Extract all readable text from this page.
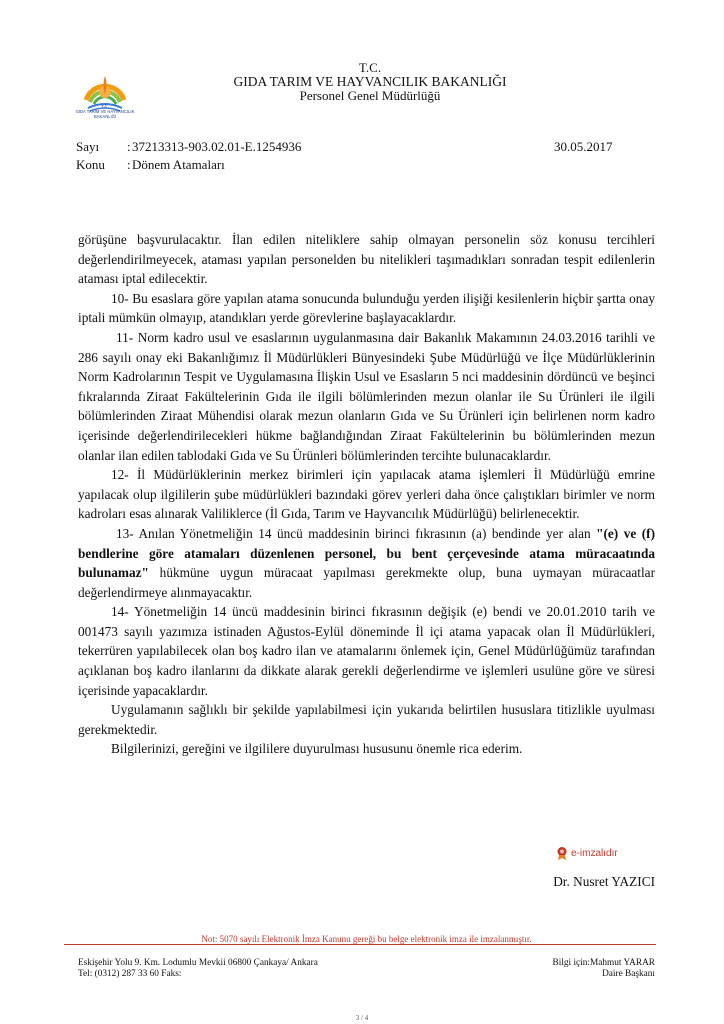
T.C.
GIDA TARIM VE HAYVANCILIK
BAKANLIĞI
T.C.
GIDA TARIM VE HAYVANCILIK BAKANLIĞI
Personel Genel Müdürlüğü
Sayı : 37213313-903.02.01-E.1254936	30.05.2017
Konu : Dönem Atamaları

görüşüne başvurulacaktır. İlan edilen niteliklere sahip olmayan personelin söz konusu tercihleri değerlendirilmeyecek, ataması yapılan personelden bu nitelikleri taşımadıkları sonradan tespit edilenlerin ataması iptal edilecektir.

10- Bu esaslara göre yapılan atama sonucunda bulunduğu yerden ilişiği kesilenlerin hiçbir şartta onay iptali mümkün olmayıp, atandıkları yerde görevlerine başlayacaklardır.

11- Norm kadro usul ve esaslarının uygulanmasına dair Bakanlık Makamının 24.03.2016 tarihli ve 286 sayılı onay eki Bakanlığımız İl Müdürlükleri Bünyesindeki Şube Müdürlüğü ve İlçe Müdürlüklerinin Norm Kadrolarının Tespit ve Uygulamasına İlişkin Usul ve Esasların 5 nci maddesinin dördüncü ve beşinci fıkralarında Ziraat Fakültelerinin Gıda ile ilgili bölümlerinden mezun olanlar ile Su Ürünleri ile ilgili bölümlerinden Ziraat Mühendisi olarak mezun olanların Gıda ve Su Ürünleri için belirlenen norm kadro içerisinde değerlendirilecekleri hükme bağlandığından Ziraat Fakültelerinin bu bölümlerinden mezun olanlar ilan edilen tablodaki Gıda ve Su Ürünleri bölümlerinden tercihte bulunacaklardır.

12- İl Müdürlüklerinin merkez birimleri için yapılacak atama işlemleri İl Müdürlüğü emrine yapılacak olup ilgililerin şube müdürlükleri bazındaki görev yerleri daha önce çalıştıkları birimler ve norm kadroları esas alınarak Valiliklerce (İl Gıda, Tarım ve Hayvancılık Müdürlüğü) belirlenecektir.

13- Anılan Yönetmeliğin 14 üncü maddesinin birinci fıkrasının (a) bendinde yer alan "(e) ve (f) bendlerine göre atamaları düzenlenen personel, bu bent çerçevesinde atama müracaatında bulunamaz" hükmüne uygun müracaat yapılması gerekmekte olup, buna uymayan müracaatlar değerlendirmeye alınmayacaktır.

14- Yönetmeliğin 14 üncü maddesinin birinci fıkrasının değişik (e) bendi ve 20.01.2010 tarih ve 001473 sayılı yazımıza istinaden Ağustos-Eylül döneminde İl içi atama yapacak olan İl Müdürlükleri, tekerrüren yapılabilecek olan boş kadro ilan ve atamalarını önlemek için, Genel Müdürlüğümüz tarafından açıklanan boş kadro ilanlarını da dikkate alarak gerekli değerlendirme ve işlemleri usulüne göre ve süresi içerisinde yapacaklardır.

Uygulamanın sağlıklı bir şekilde yapılabilmesi için yukarıda belirtilen hususlara titizlikle uyulması gerekmektedir.

Bilgilerinizi, gereğini ve ilgililere duyurulması hususunu önemle rica ederim.

e-imzalıdır
Dr. Nusret YAZICI
Not: 5070 sayılı Elektronik İmza Kanunu gereği bu belge elektronik imza ile imzalanmıştır.
Eskişehir Yolu 9. Km. Lodumlu Mevkii 06800 Çankaya/ Ankara
Tel: (0312) 287 33 60 Faks:
Bilgi için:Mahmut YARAR
Daire Başkanı
3 / 4
